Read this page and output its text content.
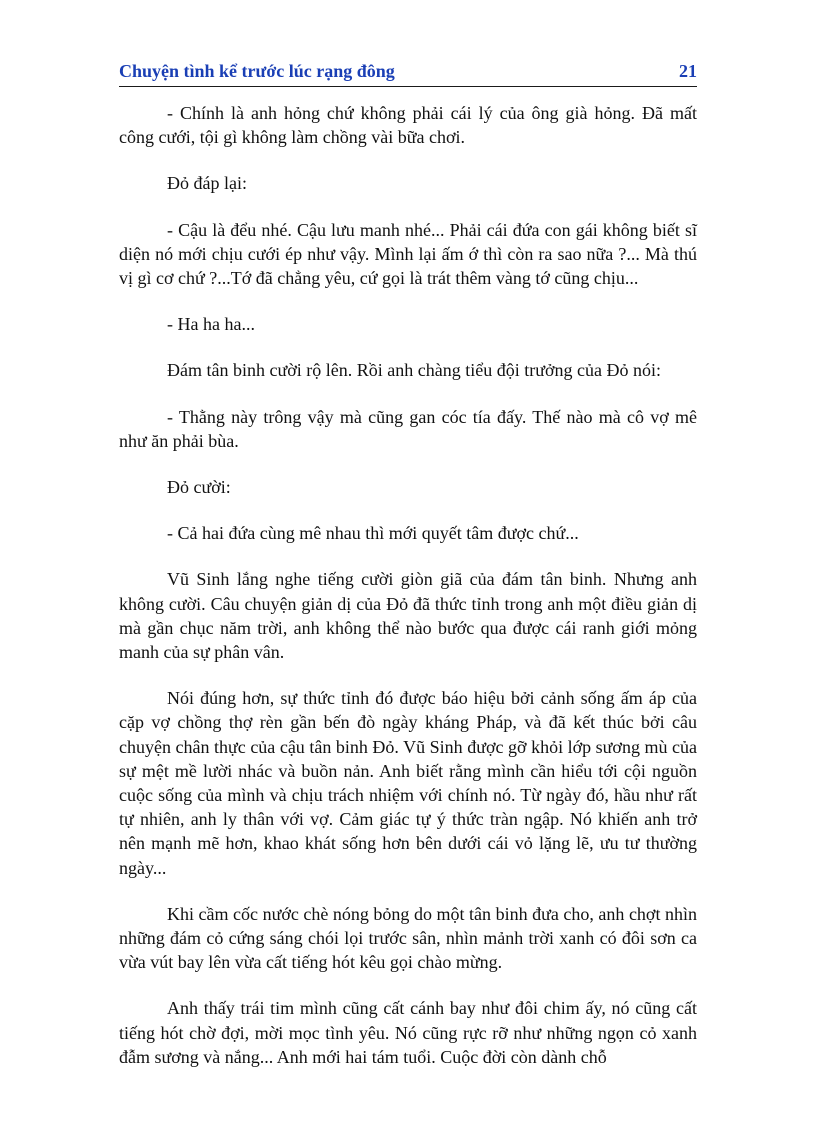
Chuyện tình kể trước lúc rạng đông	21

- Chính là anh hỏng chứ không phải cái lý của ông già hỏng. Đã mất công cưới, tội gì không làm chồng vài bữa chơi.

Đỏ đáp lại:

- Cậu là đểu nhé. Cậu lưu manh nhé... Phải cái đứa con gái không biết sĩ diện nó mới chịu cưới ép như vậy. Mình lại ấm ớ thì còn ra sao nữa ?... Mà thú vị gì cơ chứ ?...Tớ đã chẳng yêu, cứ gọi là trát thêm vàng tớ cũng chịu...

- Ha ha ha...

Đám tân binh cười rộ lên. Rồi anh chàng tiểu đội trưởng của Đỏ nói:

- Thằng này trông vậy mà cũng gan cóc tía đấy. Thế nào mà cô vợ mê như ăn phải bùa.

Đỏ cười:

- Cả hai đứa cùng mê nhau thì mới quyết tâm được chứ...

Vũ Sinh lắng nghe tiếng cười giòn giã của đám tân binh. Nhưng anh không cười. Câu chuyện giản dị của Đỏ đã thức tỉnh trong anh một điều giản dị mà gần chục năm trời, anh không thể nào bước qua được cái ranh giới mỏng manh của sự phân vân.

Nói đúng hơn, sự thức tỉnh đó được báo hiệu bởi cảnh sống ấm áp của cặp vợ chồng thợ rèn gần bến đò ngày kháng Pháp, và đã kết thúc bởi câu chuyện chân thực của cậu tân binh Đỏ. Vũ Sinh được gỡ khỏi lớp sương mù của sự mệt mề lười nhác và buồn nản. Anh biết rằng mình cần hiểu tới cội nguồn cuộc sống của mình và chịu trách nhiệm với chính nó. Từ ngày đó, hầu như rất tự nhiên, anh ly thân với vợ. Cảm giác tự ý thức tràn ngập. Nó khiến anh trở nên mạnh mẽ hơn, khao khát sống hơn bên dưới cái vỏ lặng lẽ, ưu tư thường ngày...

Khi cầm cốc nước chè nóng bỏng do một tân binh đưa cho, anh chợt nhìn những đám cỏ cứng sáng chói lọi trước sân, nhìn mảnh trời xanh có đôi sơn ca vừa vút bay lên vừa cất tiếng hót kêu gọi chào mừng.

Anh thấy trái tim mình cũng cất cánh bay như đôi chim ấy, nó cũng cất tiếng hót chờ đợi, mời mọc tình yêu. Nó cũng rực rỡ như những ngọn cỏ xanh đẫm sương và nắng... Anh mới hai tám tuổi. Cuộc đời còn dành chỗ
